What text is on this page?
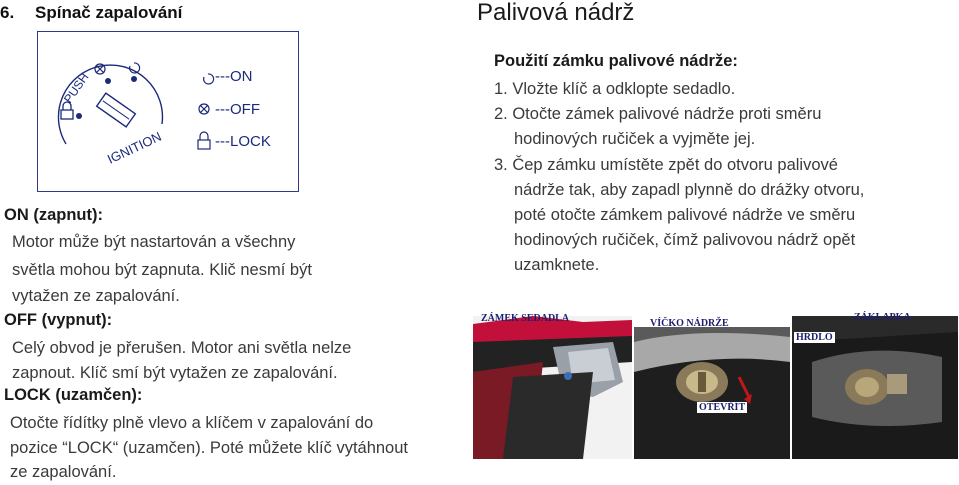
6. Spínač zapalování
PUSH
IGNITION
---ON
---OFF
---LOCK
ON (zapnut):
Motor může být nastartován a všechny
světla mohou být zapnuta. Klič nesmí být
vytažen ze zapalování.
OFF (vypnut):
Celý obvod je přerušen. Motor ani světla nelze
zapnout. Klíč smí být vytažen ze zapalování.
LOCK (uzamčen):
Otočte řídítky plně vlevo a klíčem v zapalování do
pozice “LOCK“ (uzamčen). Poté můžete klíč vytáhnout
ze zapalování.
Palivová nádrž
Použití zámku palivové nádrže:
1. Vložte klíč a odklopte sedadlo.
2. Otočte zámek palivové nádrže proti směru
hodinových ručiček a vyjměte jej.
3. Čep zámku umístěte zpět do otvoru palivové
nádrže tak, aby zapadl plynně do drážky otvoru,
poté otočte zámkem palivové nádrže ve směru
hodinových ručiček, čímž palivovou nádrž opět
uzamknete.
ZÁMEK SEDADLA	VÍČKO NÁDRŽE
OTEVŘÍT
ZÁKLAPKA
HRDLO
